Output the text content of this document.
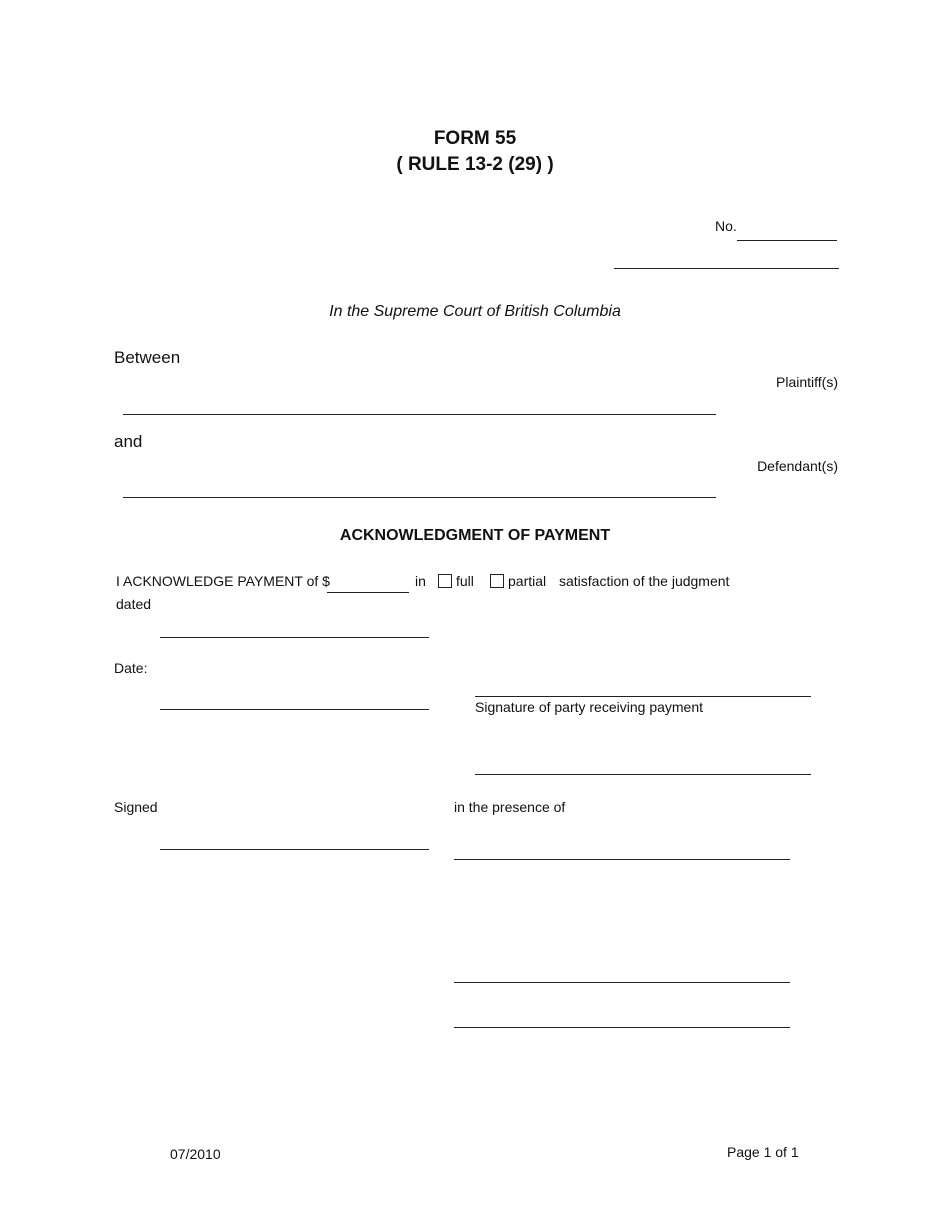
FORM 55
( RULE 13-2 (29) )
No.
In the Supreme Court of British Columbia
Between
Plaintiff(s)
and
Defendant(s)
ACKNOWLEDGMENT OF PAYMENT
I ACKNOWLEDGE PAYMENT of $	in full partial satisfaction of the judgment
dated
Date:
Signature of party receiving payment
Signed	in the presence of
07/2010	Page 1 of 1
